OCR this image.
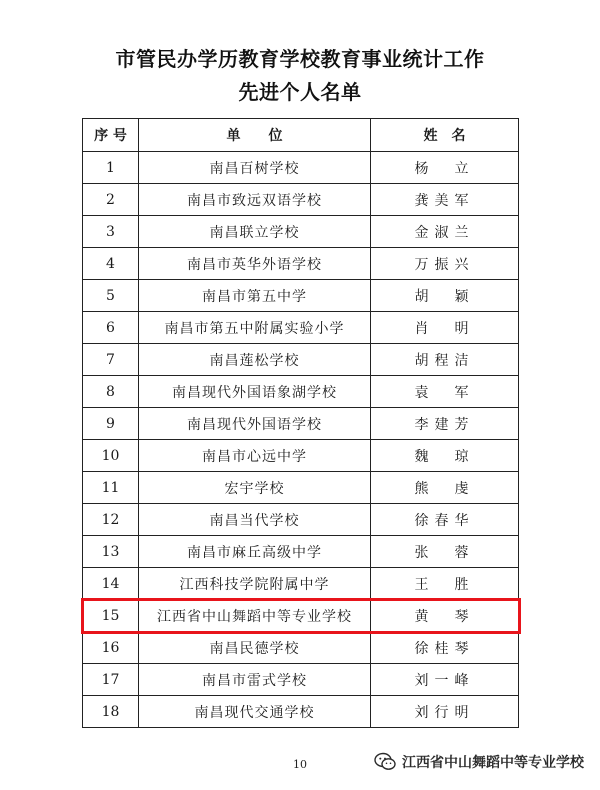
市管民办学历教育学校教育事业统计工作
先进个人名单
序 号	单　　位	姓　名
1	南昌百树学校	杨　立
2	南昌市致远双语学校	龚美军
3	南昌联立学校	金淑兰
4	南昌市英华外语学校	万振兴
5	南昌市第五中学	胡　颖
6	南昌市第五中附属实验小学	肖　明
7	南昌莲松学校	胡程洁
8	南昌现代外国语象湖学校	袁　军
9	南昌现代外国语学校	李建芳
10	南昌市心远中学	魏　琼
11	宏宇学校	熊　虔
12	南昌当代学校	徐春华
13	南昌市麻丘高级中学	张　蓉
14	江西科技学院附属中学	王　胜
15	江西省中山舞蹈中等专业学校	黄　琴
16	南昌民德学校	徐桂琴
17	南昌市雷式学校	刘一峰
18	南昌现代交通学校	刘行明
10	江西省中山舞蹈中等专业学校
